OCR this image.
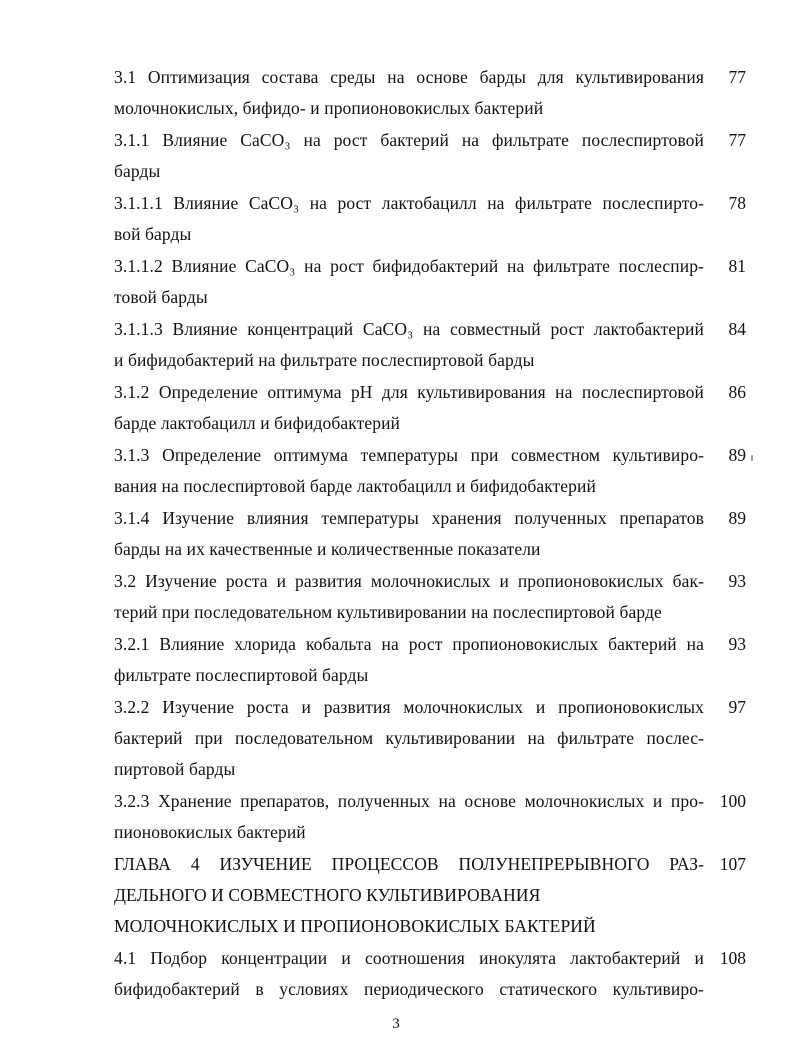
3.1 Оптимизация состава среды на основе барды для культивирования
молочнокислых, бифидо- и пропионовокислых бактерий
77
3.1.1 Влияние CaCO₃ на рост бактерий на фильтрате послеспиртовой
барды
77
3.1.1.1 Влияние CaCO₃ на рост лактобацилл на фильтрате послеспирто-
вой барды
78
3.1.1.2 Влияние CaCO₃ на рост бифидобактерий на фильтрате послеспир-
товой барды
81
3.1.1.3 Влияние концентраций CaCO₃ на совместный рост лактобактерий
и бифидобактерий на фильтрате послеспиртовой барды
84
3.1.2 Определение оптимума pH для культивирования на послеспиртовой
барде лактобацилл и бифидобактерий
86
3.1.3 Определение оптимума температуры при совместном культивиро-
вания на послеспиртовой барде лактобацилл и бифидобактерий
89
3.1.4 Изучение влияния температуры хранения полученных препаратов
барды на их качественные и количественные показатели
89
3.2 Изучение роста и развития молочнокислых и пропионовокислых бак-
терий при последовательном культивировании на послеспиртовой барде
93
3.2.1 Влияние хлорида кобальта на рост пропионовокислых бактерий на
фильтрате послеспиртовой барды
93
3.2.2 Изучение роста и развития молочнокислых и пропионовокислых
бактерий при последовательном культивировании на фильтрате послес-
пиртовой барды
97
3.2.3 Хранение препаратов, полученных на основе молочнокислых и про-
пионовокислых бактерий
100
ГЛАВА 4 ИЗУЧЕНИЕ ПРОЦЕССОВ ПОЛУНЕПРЕРЫВНОГО РАЗ-
ДЕЛЬНОГО И СОВМЕСТНОГО КУЛЬТИВИРОВАНИЯ
МОЛОЧНОКИСЛЫХ И ПРОПИОНОВОКИСЛЫХ БАКТЕРИЙ
107
4.1 Подбор концентрации и соотношения инокулята лактобактерий и
бифидобактерий в условиях периодического статического культивиро-
108
3
